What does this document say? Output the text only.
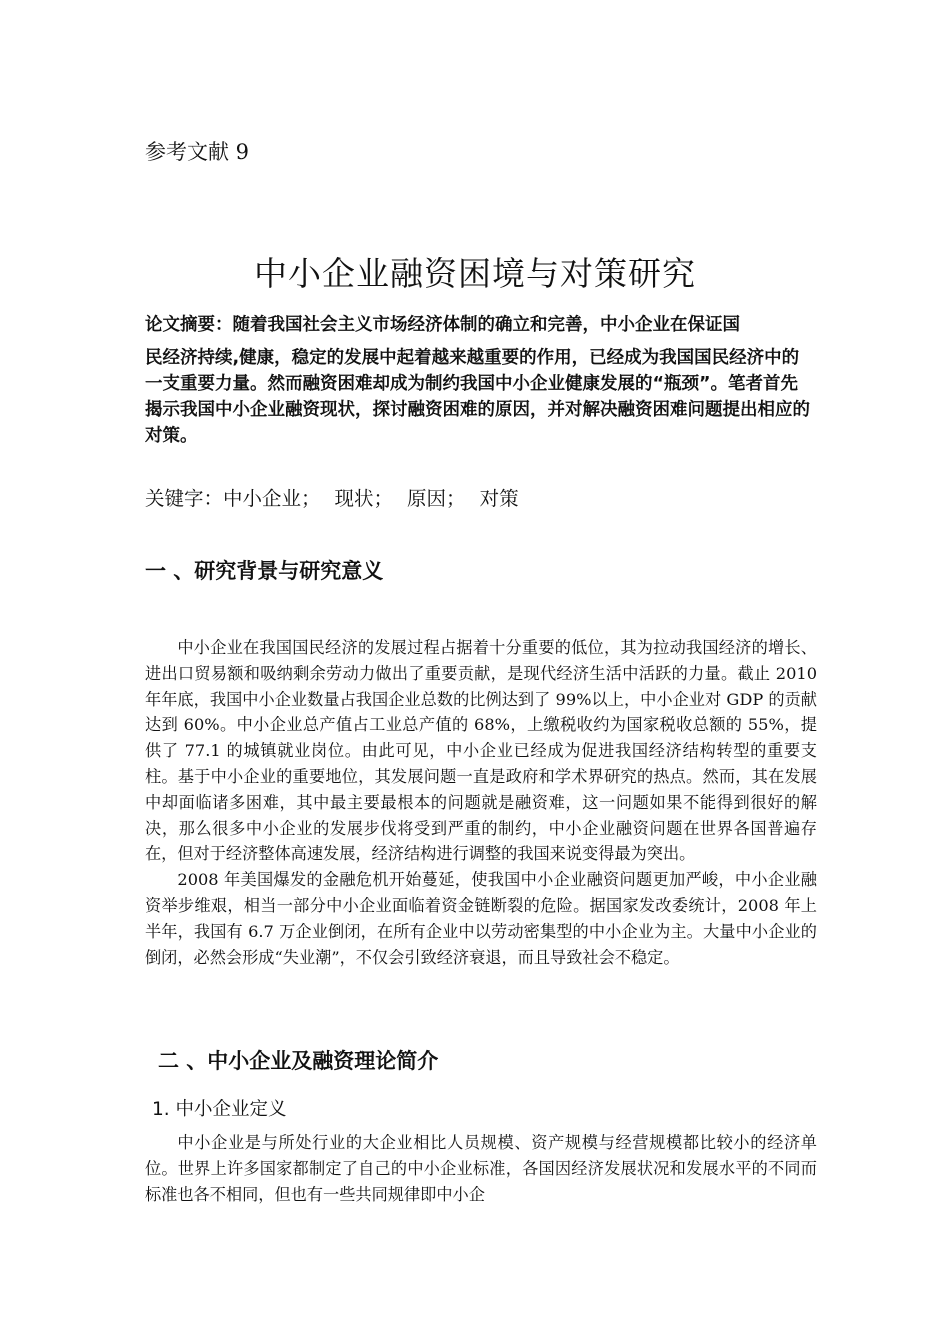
参考文献 9
中小企业融资困境与对策研究
论文摘要：随着我国社会主义市场经济体制的确立和完善，中小企业在保证国
民经济持续,健康，稳定的发展中起着越来越重要的作用，已经成为我国国民经济中的一支重要力量。然而融资困难却成为制约我国中小企业健康发展的“瓶颈”。笔者首先揭示我国中小企业融资现状，探讨融资困难的原因，并对解决融资困难问题提出相应的对策。
关键字：中小企业； 现状； 原因； 对策
一 、研究背景与研究意义

中小企业在我国国民经济的发展过程占据着十分重要的低位，其为拉动我国经济的增长、进出口贸易额和吸纳剩余劳动力做出了重要贡献，是现代经济生活中活跃的力量。截止 2010 年年底，我国中小企业数量占我国企业总数的比例达到了 99%以上，中小企业对 GDP 的贡献达到 60%。中小企业总产值占工业总产值的 68%，上缴税收约为国家税收总额的 55%，提供了 77.1 的城镇就业岗位。由此可见，中小企业已经成为促进我国经济结构转型的重要支柱。基于中小企业的重要地位，其发展问题一直是政府和学术界研究的热点。然而，其在发展中却面临诸多困难，其中最主要最根本的问题就是融资难，这一问题如果不能得到很好的解决，那么很多中小企业的发展步伐将受到严重的制约，中小企业融资问题在世界各国普遍存在，但对于经济整体高速发展，经济结构进行调整的我国来说变得最为突出。

2008 年美国爆发的金融危机开始蔓延，使我国中小企业融资问题更加严峻，中小企业融资举步维艰，相当一部分中小企业面临着资金链断裂的危险。据国家发改委统计，2008 年上半年，我国有 6.7 万企业倒闭，在所有企业中以劳动密集型的中小企业为主。大量中小企业的倒闭，必然会形成“失业潮”，不仅会引致经济衰退，而且导致社会不稳定。

二 、中小企业及融资理论简介
1. 中小企业定义

中小企业是与所处行业的大企业相比人员规模、资产规模与经营规模都比较小的经济单位。世界上许多国家都制定了自己的中小企业标准，各国因经济发展状况和发展水平的不同而标准也各不相同，但也有一些共同规律即中小企
